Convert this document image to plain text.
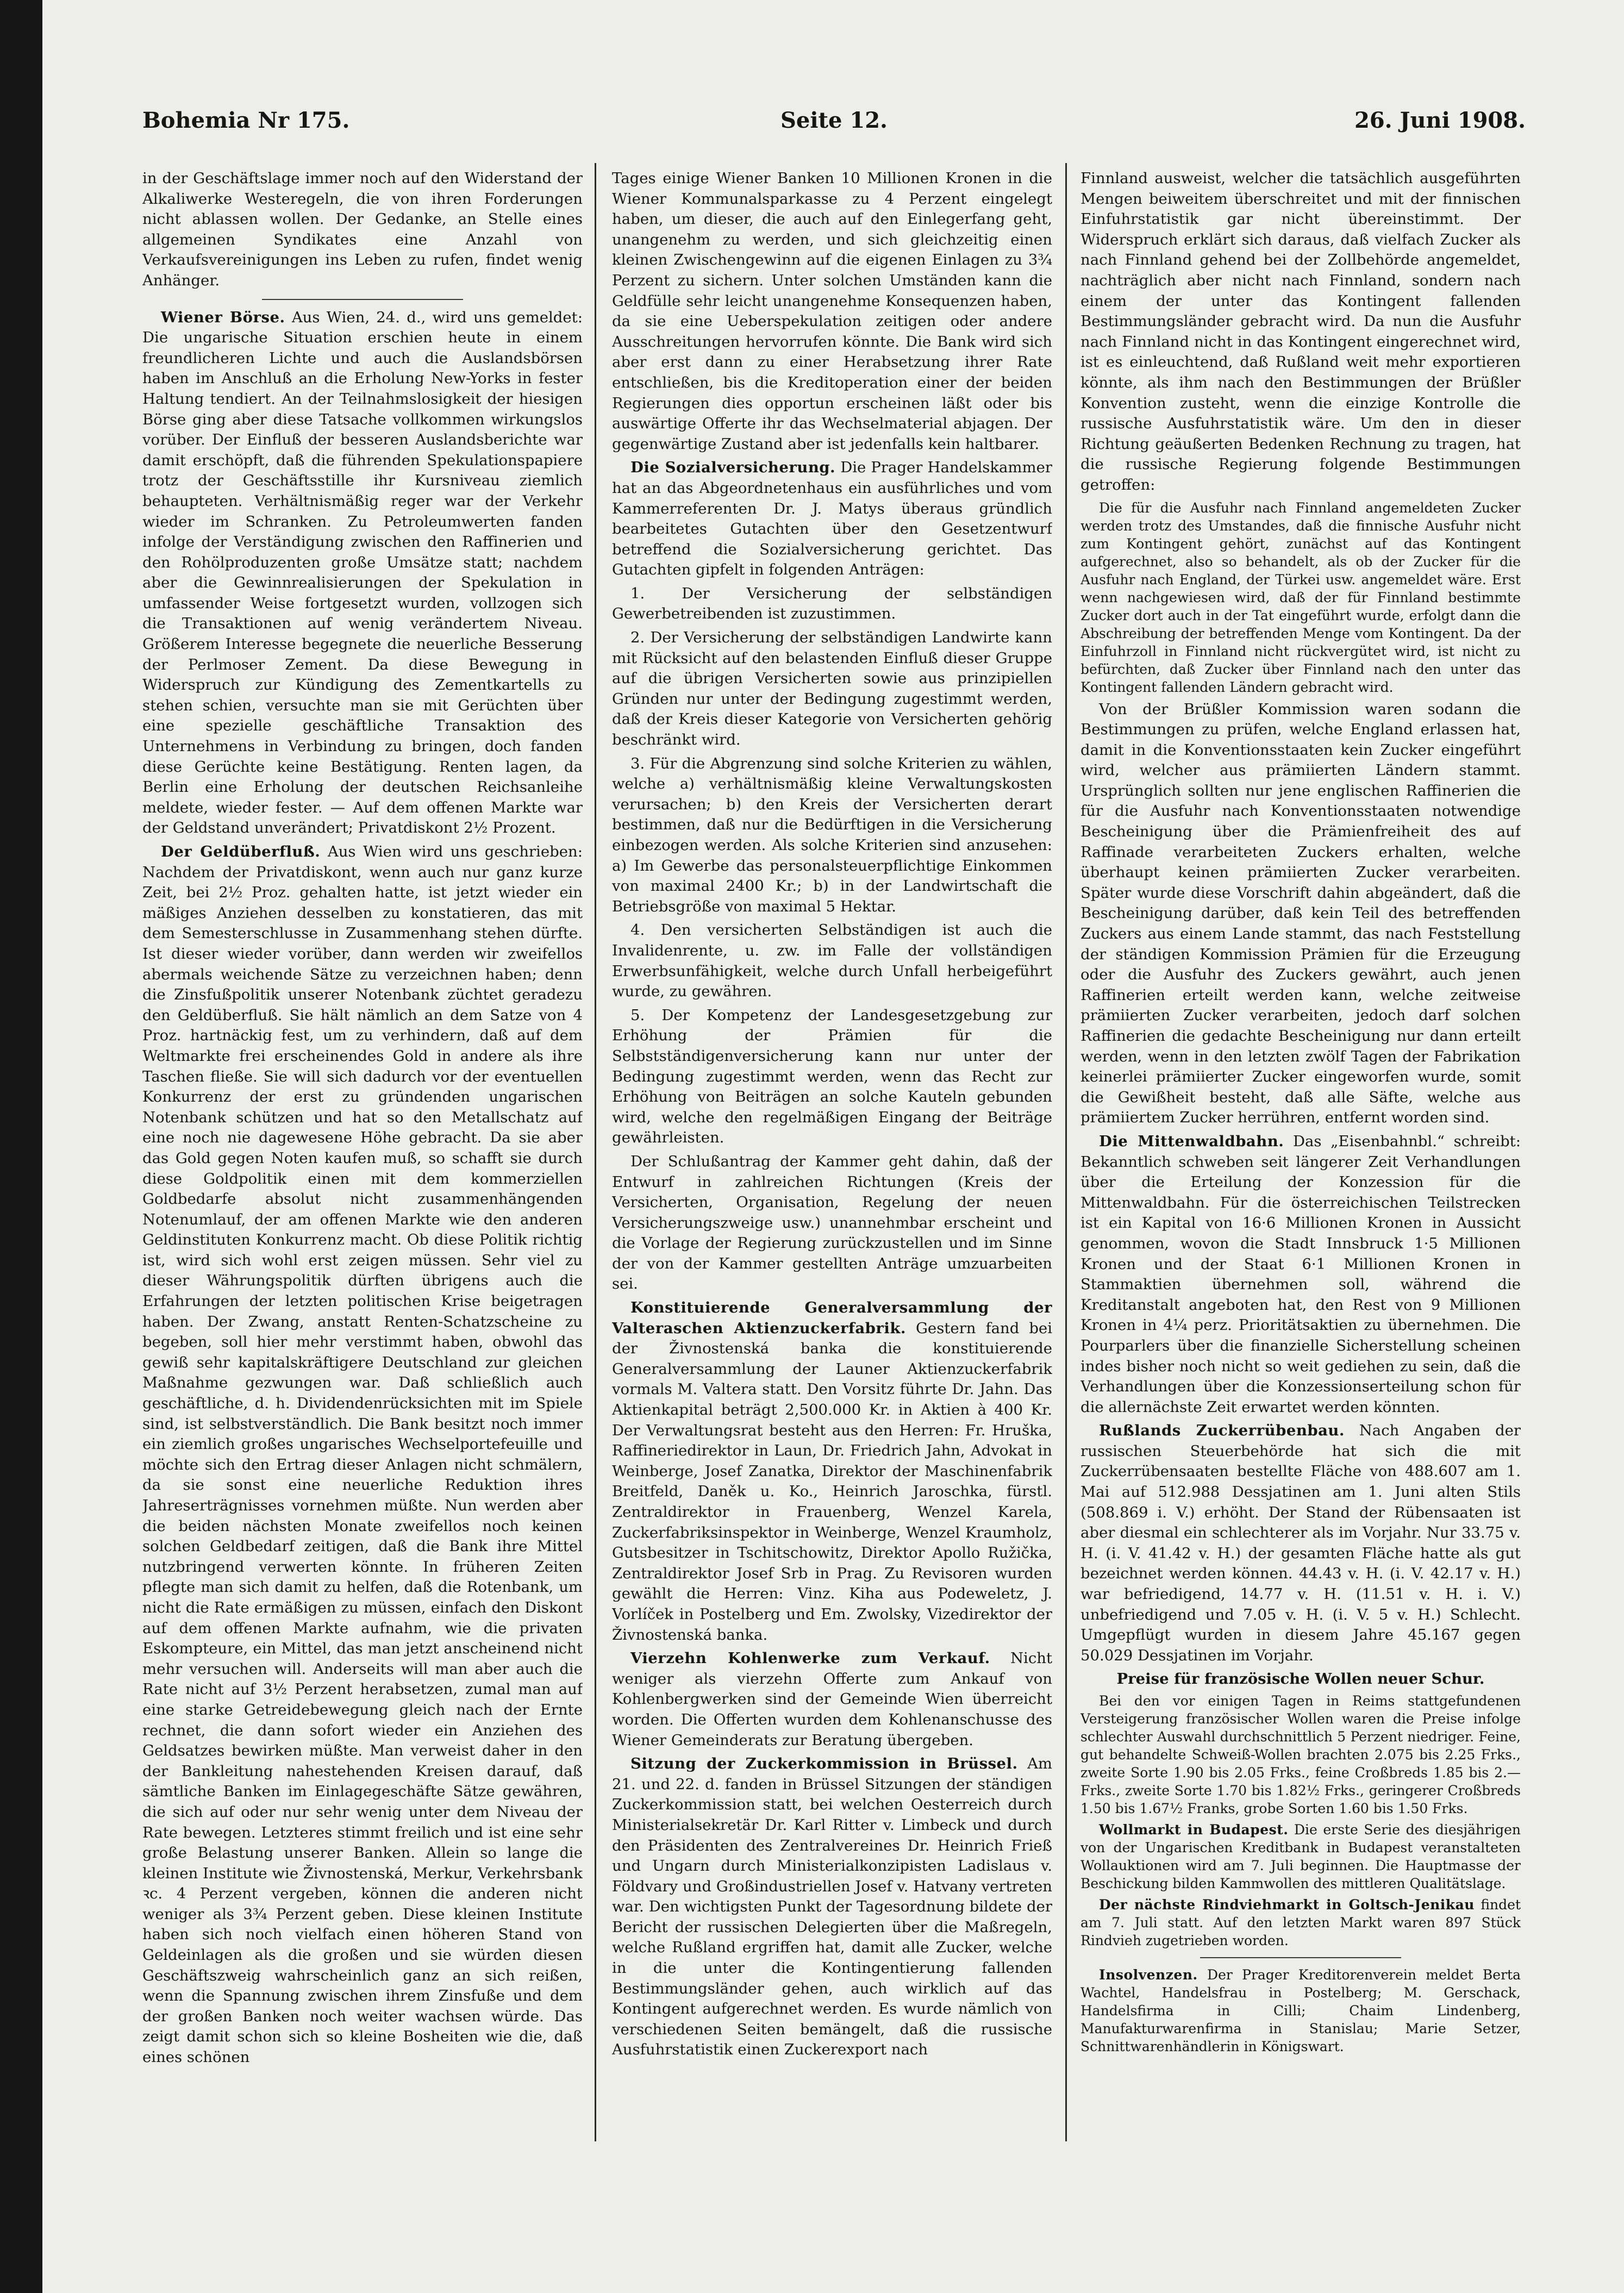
Bohemia Nr 175.	Seite 12.	26. Juni 1908.

in der Geschäftslage immer noch auf den Widerstand der Alkaliwerke Westeregeln, die von ihren Forderungen nicht ablassen wollen. Der Gedanke, an Stelle eines allgemeinen Syndikates eine Anzahl von Verkaufsvereinigungen ins Leben zu rufen, findet wenig Anhänger.

Wiener Börse. Aus Wien, 24. d., wird uns gemeldet: Die ungarische Situation erschien heute in einem freundlicheren Lichte und auch die Auslandsbörsen haben im Anschluß an die Erholung New-Yorks in fester Haltung tendiert. An der Teilnahmslosigkeit der hiesigen Börse ging aber diese Tatsache vollkommen wirkungslos vorüber. Der Einfluß der besseren Auslandsberichte war damit erschöpft, daß die führenden Spekulationspapiere trotz der Geschäftsstille ihr Kursniveau ziemlich behaupteten. Verhältnismäßig reger war der Verkehr wieder im Schranken. Zu Petroleumwerten fanden infolge der Verständigung zwischen den Raffinerien und den Rohölproduzenten große Umsätze statt; nachdem aber die Gewinnrealisierungen der Spekulation in umfassender Weise fortgesetzt wurden, vollzogen sich die Transaktionen auf wenig verändertem Niveau. Größerem Interesse begegnete die neuerliche Besserung der Perlmoser Zement. Da diese Bewegung in Widerspruch zur Kündigung des Zementkartells zu stehen schien, versuchte man sie mit Gerüchten über eine spezielle geschäftliche Transaktion des Unternehmens in Verbindung zu bringen, doch fanden diese Gerüchte keine Bestätigung. Renten lagen, da Berlin eine Erholung der deutschen Reichsanleihe meldete, wieder fester. — Auf dem offenen Markte war der Geldstand unverändert; Privatdiskont 2½ Prozent.

Der Geldüberfluß. Aus Wien wird uns geschrieben: Nachdem der Privatdiskont, wenn auch nur ganz kurze Zeit, bei 2½ Proz. gehalten hatte, ist jetzt wieder ein mäßiges Anziehen desselben zu konstatieren, das mit dem Semesterschlusse in Zusammenhang stehen dürfte. Ist dieser wieder vorüber, dann werden wir zweifellos abermals weichende Sätze zu verzeichnen haben; denn die Zinsfußpolitik unserer Notenbank züchtet geradezu den Geldüberfluß. Sie hält nämlich an dem Satze von 4 Proz. hartnäckig fest, um zu verhindern, daß auf dem Weltmarkte frei erscheinendes Gold in andere als ihre Taschen fließe. Sie will sich dadurch vor der eventuellen Konkurrenz der erst zu gründenden ungarischen Notenbank schützen und hat so den Metallschatz auf eine noch nie dagewesene Höhe gebracht. Da sie aber das Gold gegen Noten kaufen muß, so schafft sie durch diese Goldpolitik einen mit dem kommerziellen Goldbedarfe absolut nicht zusammenhängenden Notenumlauf, der am offenen Markte wie den anderen Geldinstituten Konkurrenz macht. Ob diese Politik richtig ist, wird sich wohl erst zeigen müssen. Sehr viel zu dieser Währungspolitik dürften übrigens auch die Erfahrungen der letzten politischen Krise beigetragen haben. Der Zwang, anstatt Renten-Schatzscheine zu begeben, soll hier mehr verstimmt haben, obwohl das gewiß sehr kapitalskräftigere Deutschland zur gleichen Maßnahme gezwungen war. Daß schließlich auch geschäftliche, d. h. Dividendenrücksichten mit im Spiele sind, ist selbstverständlich. Die Bank besitzt noch immer ein ziemlich großes ungarisches Wechselportefeuille und möchte sich den Ertrag dieser Anlagen nicht schmälern, da sie sonst eine neuerliche Reduktion ihres Jahreserträgnisses vornehmen müßte. Nun werden aber die beiden nächsten Monate zweifellos noch keinen solchen Geldbedarf zeitigen, daß die Bank ihre Mittel nutzbringend verwerten könnte. In früheren Zeiten pflegte man sich damit zu helfen, daß die Rotenbank, um nicht die Rate ermäßigen zu müssen, einfach den Diskont auf dem offenen Markte aufnahm, wie die privaten Eskompteure, ein Mittel, das man jetzt anscheinend nicht mehr versuchen will. Anderseits will man aber auch die Rate nicht auf 3½ Perzent herabsetzen, zumal man auf eine starke Getreidebewegung gleich nach der Ernte rechnet, die dann sofort wieder ein Anziehen des Geldsatzes bewirken müßte. Man verweist daher in den der Bankleitung nahestehenden Kreisen darauf, daß sämtliche Banken im Einlagegeschäfte Sätze gewähren, die sich auf oder nur sehr wenig unter dem Niveau der Rate bewegen. Letzteres stimmt freilich und ist eine sehr große Belastung unserer Banken. Allein so lange die kleinen Institute wie Živnostenská, Merkur, Verkehrsbank ꝛc. 4 Perzent vergeben, können die anderen nicht weniger als 3¾ Perzent geben. Diese kleinen Institute haben sich noch vielfach einen höheren Stand von Geldeinlagen als die großen und sie würden diesen Geschäftszweig wahrscheinlich ganz an sich reißen, wenn die Spannung zwischen ihrem Zinsfuße und dem der großen Banken noch weiter wachsen würde. Das zeigt damit schon sich so kleine Bosheiten wie die, daß eines schönen

Tages einige Wiener Banken 10 Millionen Kronen in die Wiener Kommunalsparkasse zu 4 Perzent eingelegt haben, um dieser, die auch auf den Einlegerfang geht, unangenehm zu werden, und sich gleichzeitig einen kleinen Zwischengewinn auf die eigenen Einlagen zu 3¾ Perzent zu sichern. Unter solchen Umständen kann die Geldfülle sehr leicht unangenehme Konsequenzen haben, da sie eine Ueberspekulation zeitigen oder andere Ausschreitungen hervorrufen könnte. Die Bank wird sich aber erst dann zu einer Herabsetzung ihrer Rate entschließen, bis die Kreditoperation einer der beiden Regierungen dies opportun erscheinen läßt oder bis auswärtige Offerte ihr das Wechselmaterial abjagen. Der gegenwärtige Zustand aber ist jedenfalls kein haltbarer.

Die Sozialversicherung. Die Prager Handelskammer hat an das Abgeordnetenhaus ein ausführliches und vom Kammerreferenten Dr. J. Matys überaus gründlich bearbeitetes Gutachten über den Gesetzentwurf betreffend die Sozialversicherung gerichtet. Das Gutachten gipfelt in folgenden Anträgen:

1. Der Versicherung der selbständigen Gewerbetreibenden ist zuzustimmen.

2. Der Versicherung der selbständigen Landwirte kann mit Rücksicht auf den belastenden Einfluß dieser Gruppe auf die übrigen Versicherten sowie aus prinzipiellen Gründen nur unter der Bedingung zugestimmt werden, daß der Kreis dieser Kategorie von Versicherten gehörig beschränkt wird.

3. Für die Abgrenzung sind solche Kriterien zu wählen, welche a) verhältnismäßig kleine Verwaltungskosten verursachen; b) den Kreis der Versicherten derart bestimmen, daß nur die Bedürftigen in die Versicherung einbezogen werden. Als solche Kriterien sind anzusehen: a) Im Gewerbe das personalsteuerpflichtige Einkommen von maximal 2400 Kr.; b) in der Landwirtschaft die Betriebsgröße von maximal 5 Hektar.

4. Den versicherten Selbständigen ist auch die Invalidenrente, u. zw. im Falle der vollständigen Erwerbsunfähigkeit, welche durch Unfall herbeigeführt wurde, zu gewähren.

5. Der Kompetenz der Landesgesetzgebung zur Erhöhung der Prämien für die Selbstständigenversicherung kann nur unter der Bedingung zugestimmt werden, wenn das Recht zur Erhöhung von Beiträgen an solche Kauteln gebunden wird, welche den regelmäßigen Eingang der Beiträge gewährleisten.

Der Schlußantrag der Kammer geht dahin, daß der Entwurf in zahlreichen Richtungen (Kreis der Versicherten, Organisation, Regelung der neuen Versicherungszweige usw.) unannehmbar erscheint und die Vorlage der Regierung zurückzustellen und im Sinne der von der Kammer gestellten Anträge umzuarbeiten sei.

Konstituierende Generalversammlung der Valteraschen Aktienzuckerfabrik. Gestern fand bei der Živnostenská banka die konstituierende Generalversammlung der Launer Aktienzuckerfabrik vormals M. Valtera statt. Den Vorsitz führte Dr. Jahn. Das Aktienkapital beträgt 2,500.000 Kr. in Aktien à 400 Kr. Der Verwaltungsrat besteht aus den Herren: Fr. Hruška, Raffineriedirektor in Laun, Dr. Friedrich Jahn, Advokat in Weinberge, Josef Zanatka, Direktor der Maschinenfabrik Breitfeld, Daněk u. Ko., Heinrich Jaroschka, fürstl. Zentraldirektor in Frauenberg, Wenzel Karela, Zuckerfabriksinspektor in Weinberge, Wenzel Kraumholz, Gutsbesitzer in Tschitschowitz, Direktor Apollo Ružička, Zentraldirektor Josef Srb in Prag. Zu Revisoren wurden gewählt die Herren: Vinz. Kiha aus Podeweletz, J. Vorlíček in Postelberg und Em. Zwolsky, Vizedirektor der Živnostenská banka.

Vierzehn Kohlenwerke zum Verkauf. Nicht weniger als vierzehn Offerte zum Ankauf von Kohlenbergwerken sind der Gemeinde Wien überreicht worden. Die Offerten wurden dem Kohlenanschusse des Wiener Gemeinderats zur Beratung übergeben.

Sitzung der Zuckerkommission in Brüssel. Am 21. und 22. d. fanden in Brüssel Sitzungen der ständigen Zuckerkommission statt, bei welchen Oesterreich durch Ministerialsekretär Dr. Karl Ritter v. Limbeck und durch den Präsidenten des Zentralvereines Dr. Heinrich Frieß und Ungarn durch Ministerialkonzipisten Ladislaus v. Földvary und Großindustriellen Josef v. Hatvany vertreten war. Den wichtigsten Punkt der Tagesordnung bildete der Bericht der russischen Delegierten über die Maßregeln, welche Rußland ergriffen hat, damit alle Zucker, welche in die unter die Kontingentierung fallenden Bestimmungsländer gehen, auch wirklich auf das Kontingent aufgerechnet werden. Es wurde nämlich von verschiedenen Seiten bemängelt, daß die russische Ausfuhrstatistik einen Zuckerexport nach

Finnland ausweist, welcher die tatsächlich ausgeführten Mengen beiweitem überschreitet und mit der finnischen Einfuhrstatistik gar nicht übereinstimmt. Der Widerspruch erklärt sich daraus, daß vielfach Zucker als nach Finnland gehend bei der Zollbehörde angemeldet, nachträglich aber nicht nach Finnland, sondern nach einem der unter das Kontingent fallenden Bestimmungsländer gebracht wird. Da nun die Ausfuhr nach Finnland nicht in das Kontingent eingerechnet wird, ist es einleuchtend, daß Rußland weit mehr exportieren könnte, als ihm nach den Bestimmungen der Brüßler Konvention zusteht, wenn die einzige Kontrolle die russische Ausfuhrstatistik wäre. Um den in dieser Richtung geäußerten Bedenken Rechnung zu tragen, hat die russische Regierung folgende Bestimmungen getroffen:

Die für die Ausfuhr nach Finnland angemeldeten Zucker werden trotz des Umstandes, daß die finnische Ausfuhr nicht zum Kontingent gehört, zunächst auf das Kontingent aufgerechnet, also so behandelt, als ob der Zucker für die Ausfuhr nach England, der Türkei usw. angemeldet wäre. Erst wenn nachgewiesen wird, daß der für Finnland bestimmte Zucker dort auch in der Tat eingeführt wurde, erfolgt dann die Abschreibung der betreffenden Menge vom Kontingent. Da der Einfuhrzoll in Finnland nicht rückvergütet wird, ist nicht zu befürchten, daß Zucker über Finnland nach den unter das Kontingent fallenden Ländern gebracht wird.

Von der Brüßler Kommission waren sodann die Bestimmungen zu prüfen, welche England erlassen hat, damit in die Konventionsstaaten kein Zucker eingeführt wird, welcher aus prämiierten Ländern stammt. Ursprünglich sollten nur jene englischen Raffinerien die für die Ausfuhr nach Konventionsstaaten notwendige Bescheinigung über die Prämienfreiheit des auf Raffinade verarbeiteten Zuckers erhalten, welche überhaupt keinen prämiierten Zucker verarbeiten. Später wurde diese Vorschrift dahin abgeändert, daß die Bescheinigung darüber, daß kein Teil des betreffenden Zuckers aus einem Lande stammt, das nach Feststellung der ständigen Kommission Prämien für die Erzeugung oder die Ausfuhr des Zuckers gewährt, auch jenen Raffinerien erteilt werden kann, welche zeitweise prämiierten Zucker verarbeiten, jedoch darf solchen Raffinerien die gedachte Bescheinigung nur dann erteilt werden, wenn in den letzten zwölf Tagen der Fabrikation keinerlei prämiierter Zucker eingeworfen wurde, somit die Gewißheit besteht, daß alle Säfte, welche aus prämiiertem Zucker herrühren, entfernt worden sind.

Die Mittenwaldbahn. Das „Eisenbahnbl.“ schreibt: Bekanntlich schweben seit längerer Zeit Verhandlungen über die Erteilung der Konzession für die Mittenwaldbahn. Für die österreichischen Teilstrecken ist ein Kapital von 16·6 Millionen Kronen in Aussicht genommen, wovon die Stadt Innsbruck 1·5 Millionen Kronen und der Staat 6·1 Millionen Kronen in Stammaktien übernehmen soll, während die Kreditanstalt angeboten hat, den Rest von 9 Millionen Kronen in 4¼ perz. Prioritätsaktien zu übernehmen. Die Pourparlers über die finanzielle Sicherstellung scheinen indes bisher noch nicht so weit gediehen zu sein, daß die Verhandlungen über die Konzessionserteilung schon für die allernächste Zeit erwartet werden könnten.

Rußlands Zuckerrübenbau. Nach Angaben der russischen Steuerbehörde hat sich die mit Zuckerrübensaaten bestellte Fläche von 488.607 am 1. Mai auf 512.988 Dessjatinen am 1. Juni alten Stils (508.869 i. V.) erhöht. Der Stand der Rübensaaten ist aber diesmal ein schlechterer als im Vorjahr. Nur 33.75 v. H. (i. V. 41.42 v. H.) der gesamten Fläche hatte als gut bezeichnet werden können. 44.43 v. H. (i. V. 42.17 v. H.) war befriedigend, 14.77 v. H. (11.51 v. H. i. V.) unbefriedigend und 7.05 v. H. (i. V. 5 v. H.) Schlecht. Umgepflügt wurden in diesem Jahre 45.167 gegen 50.029 Dessjatinen im Vorjahr.

Preise für französische Wollen neuer Schur.

Bei den vor einigen Tagen in Reims stattgefundenen Versteigerung französischer Wollen waren die Preise infolge schlechter Auswahl durchschnittlich 5 Perzent niedriger. Feine, gut behandelte Schweiß-Wollen brachten 2.075 bis 2.25 Frks., zweite Sorte 1.90 bis 2.05 Frks., feine Croßbreds 1.85 bis 2.— Frks., zweite Sorte 1.70 bis 1.82½ Frks., geringerer Croßbreds 1.50 bis 1.67½ Franks, grobe Sorten 1.60 bis 1.50 Frks.

Wollmarkt in Budapest. Die erste Serie des diesjährigen von der Ungarischen Kreditbank in Budapest veranstalteten Wollauktionen wird am 7. Juli beginnen. Die Hauptmasse der Beschickung bilden Kammwollen des mittleren Qualitätslage.

Der nächste Rindviehmarkt in Goltsch-Jenikau findet am 7. Juli statt. Auf den letzten Markt waren 897 Stück Rindvieh zugetrieben worden.

Insolvenzen. Der Prager Kreditorenverein meldet Berta Wachtel, Handelsfrau in Postelberg; M. Gerschack, Handelsfirma in Cilli; Chaim Lindenberg, Manufakturwarenfirma in Stanislau; Marie Setzer, Schnittwarenhändlerin in Königswart.
